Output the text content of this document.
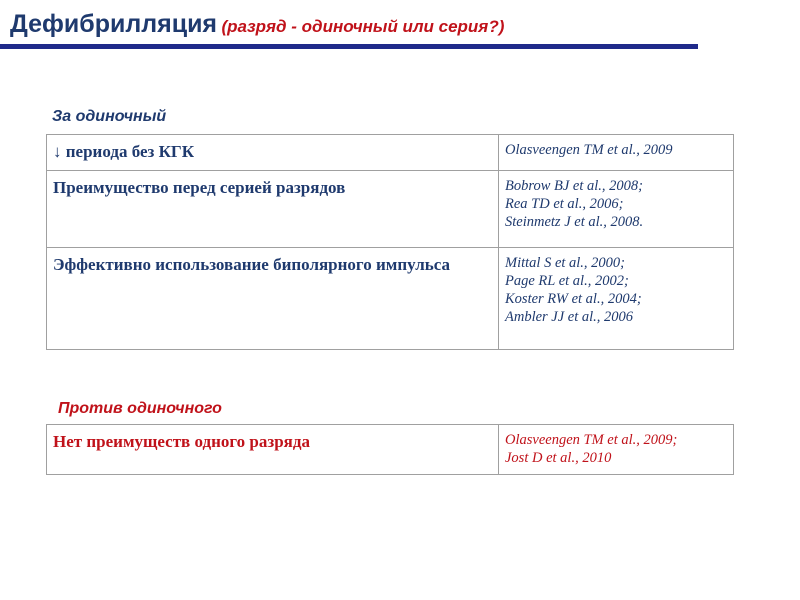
Дефибрилляция (разряд - одиночный или серия?)
За одиночный
↓ периода без КГК	Olasveengen TM et al., 2009

Преимущество перед серией разрядов	Bobrow BJ et al., 2008;
Rea TD et al., 2006;
Steinmetz J et al., 2008.

Эффективно использование биполярного импульса	Mittal S et al., 2000;
Page RL et al., 2002;
Koster RW et al., 2004;
Ambler JJ et al., 2006
Против одиночного
Нет преимуществ одного разряда	Olasveengen TM et al., 2009;
Jost D et al., 2010
